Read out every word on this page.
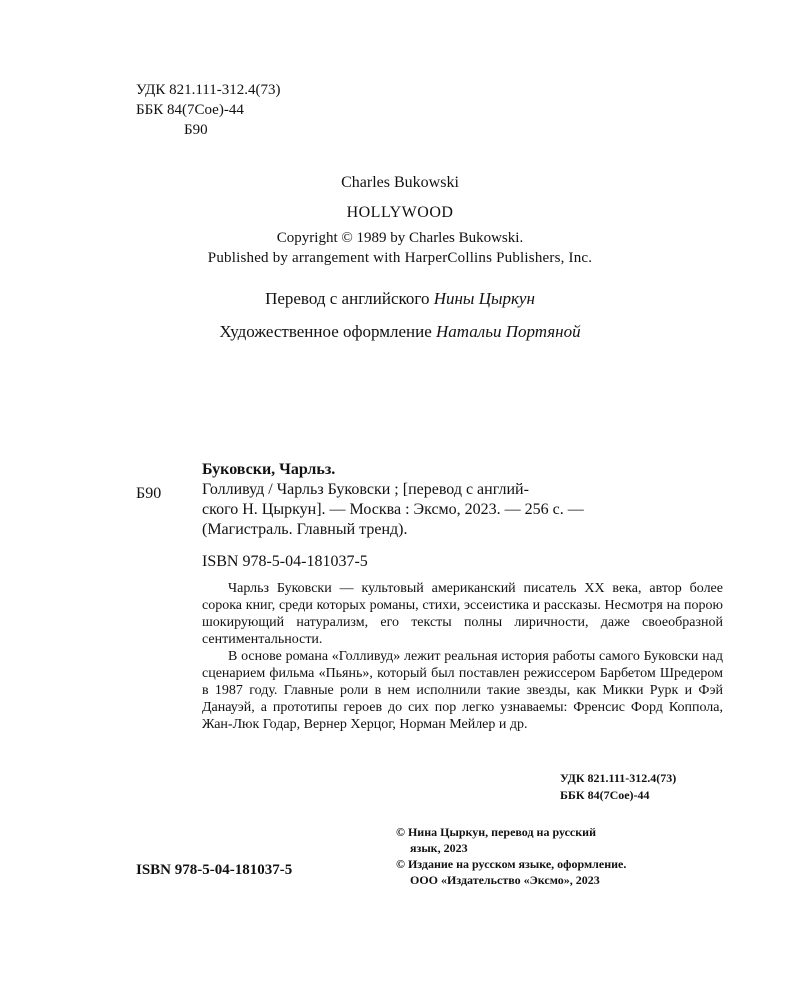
УДК 821.111-312.4(73)
ББК 84(7Сое)-44
Б90
Charles Bukowski
HOLLYWOOD
Copyright © 1989 by Charles Bukowski.
Published by arrangement with HarperCollins Publishers, Inc.
Перевод с английского Нины Цыркун
Художественное оформление Натальи Портяной
Б90
Буковски, Чарльз.
Голливуд / Чарльз Буковски ; [перевод с англий-
ского Н. Цыркун]. — Москва : Эксмо, 2023. — 256 с. —
(Магистраль. Главный тренд).
ISBN 978-5-04-181037-5

Чарльз Буковски — культовый американский писатель XX века, автор более сорока книг, среди которых романы, стихи, эссеистика и рассказы. Несмотря на порою шокирующий натурализм, его тексты полны лиричности, даже своеобразной сентиментальности.

В основе романа «Голливуд» лежит реальная история работы самого Буковски над сценарием фильма «Пьянь», который был поставлен режиссером Барбетом Шредером в 1987 году. Главные роли в нем исполнили такие звезды, как Микки Рурк и Фэй Данауэй, а прототипы героев до сих пор легко узнаваемы: Френсис Форд Коппола, Жан-Люк Годар, Вернер Херцог, Норман Мейлер и др.

УДК 821.111-312.4(73)
ББК 84(7Сое)-44
© Нина Цыркун, перевод на русский
язык, 2023
© Издание на русском языке, оформление.
ООО «Издательство «Эксмо», 2023
ISBN 978-5-04-181037-5
